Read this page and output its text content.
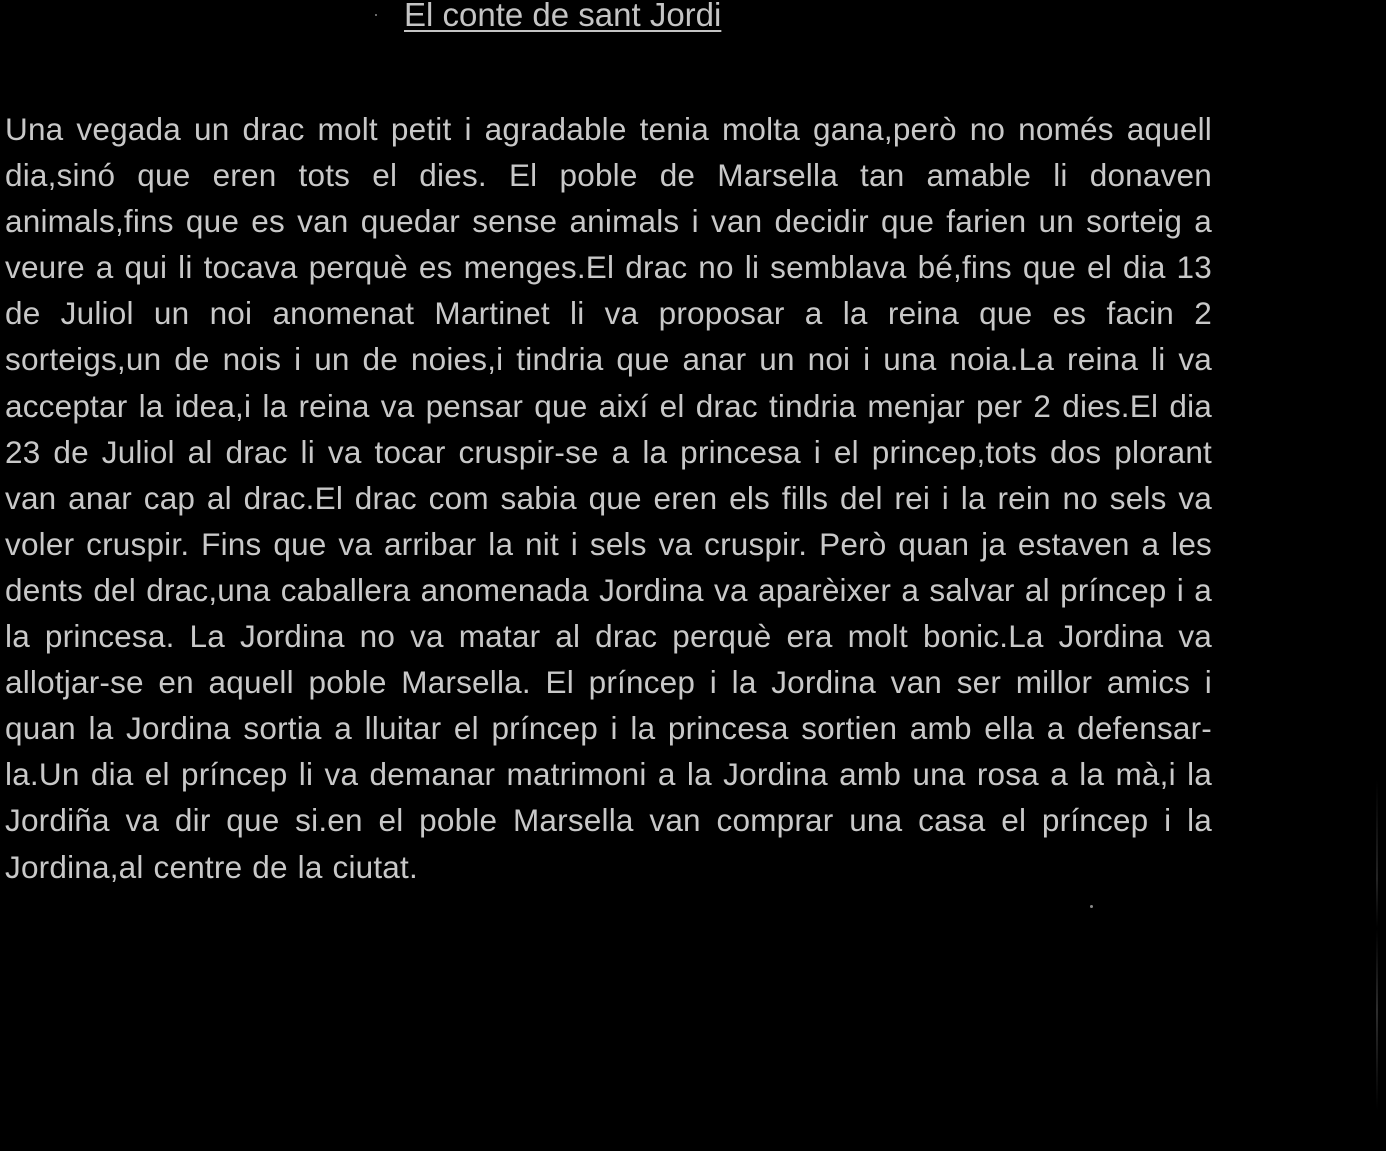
El conte de sant Jordi

Una vegada un drac molt petit i agradable tenia molta gana,però no només aquell dia,sinó que eren tots el dies. El poble de Marsella tan amable li donaven animals,fins que es van quedar sense animals i van decidir que farien un sorteig a veure a qui li tocava perquè es menges.El drac no li semblava bé,fins que el dia 13 de Juliol un noi anomenat Martinet li va proposar a la reina que es facin 2 sorteigs,un de nois i un de noies,i tindria que anar un noi i una noia.La reina li va acceptar la idea,i la reina va pensar que així el drac tindria menjar per 2 dies.El dia 23 de Juliol al drac li va tocar cruspir-se a la princesa i el princep,tots dos plorant van anar cap al drac.El drac com sabia que eren els fills del rei i la rein no sels va voler cruspir. Fins que va arribar la nit i sels va cruspir. Però quan ja estaven a les dents del drac,una caballera anomenada Jordina va aparèixer a salvar al príncep i a la princesa. La Jordina no va matar al drac perquè era molt bonic.La Jordina va allotjar-se en aquell poble Marsella. El príncep i la Jordina van ser millor amics i quan la Jordina sortia a lluitar el príncep i la princesa sortien amb ella a defensar-la.Un dia el príncep li va demanar matrimoni a la Jordina amb una rosa a la mà,i la Jordiña va dir que si.en el poble Marsella van comprar una casa el príncep i la Jordina,al centre de la ciutat.
